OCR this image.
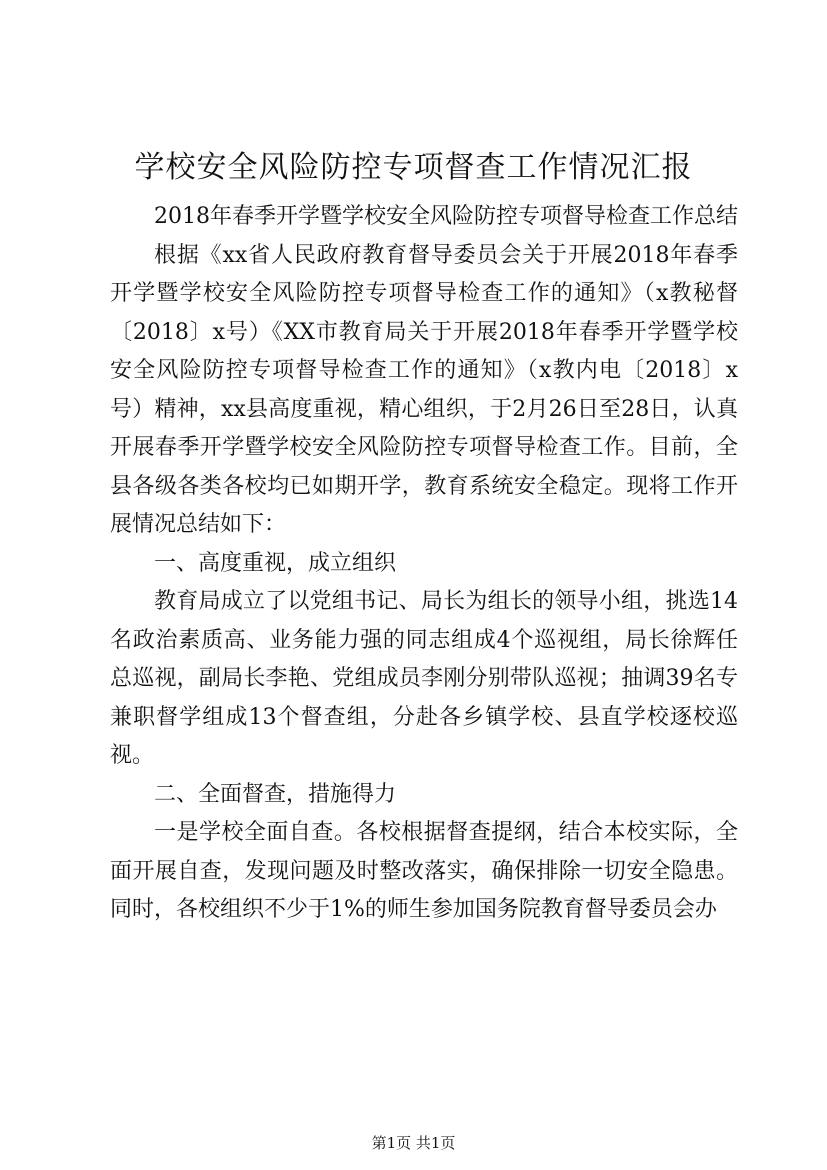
学校安全风险防控专项督查工作情况汇报

2018年春季开学暨学校安全风险防控专项督导检查工作总结

根据《xx省人民政府教育督导委员会关于开展2018年春季开学暨学校安全风险防控专项督导检查工作的通知》（x教秘督〔2018〕x号）《XX市教育局关于开展2018年春季开学暨学校安全风险防控专项督导检查工作的通知》（x教内电〔2018〕x号）精神，xx县高度重视，精心组织，于2月26日至28日，认真开展春季开学暨学校安全风险防控专项督导检查工作。目前，全县各级各类各校均已如期开学，教育系统安全稳定。现将工作开展情况总结如下：

一、高度重视，成立组织

教育局成立了以党组书记、局长为组长的领导小组，挑选14名政治素质高、业务能力强的同志组成4个巡视组，局长徐辉任总巡视，副局长李艳、党组成员李刚分别带队巡视；抽调39名专兼职督学组成13个督查组，分赴各乡镇学校、县直学校逐校巡视。

二、全面督查，措施得力

一是学校全面自查。各校根据督查提纲，结合本校实际，全面开展自查，发现问题及时整改落实，确保排除一切安全隐患。同时，各校组织不少于1%的师生参加国务院教育督导委员会办

第1页 共1页
